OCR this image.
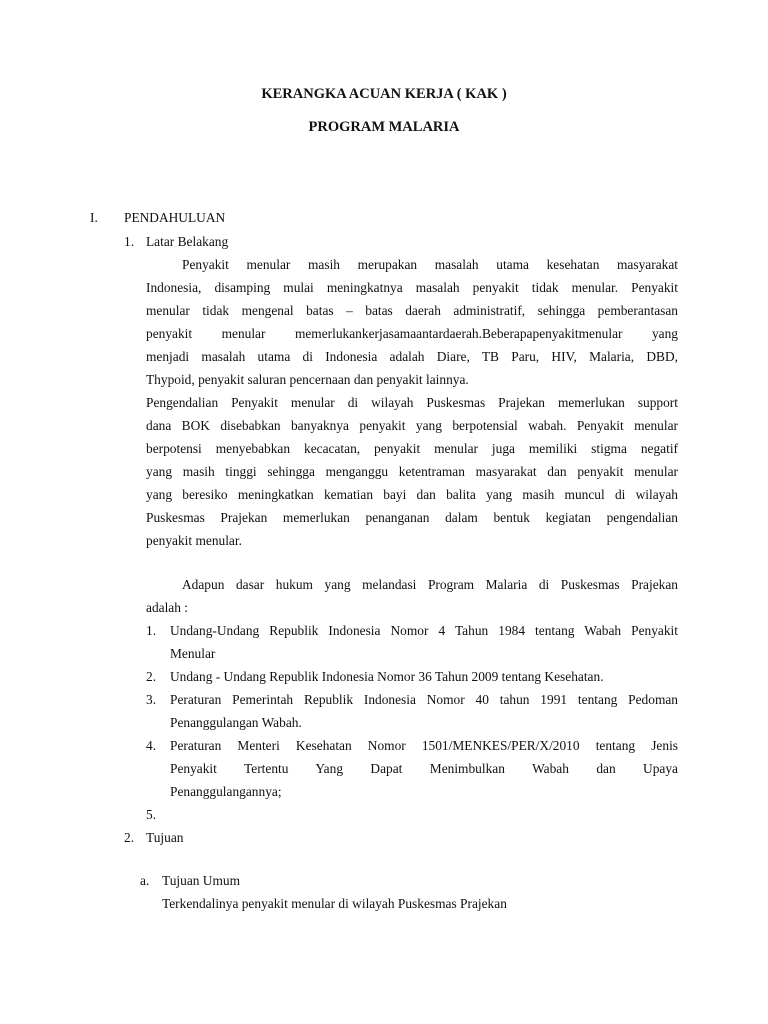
KERANGKA ACUAN KERJA ( KAK )
PROGRAM MALARIA
I. PENDAHULUAN
1. Latar Belakang
Penyakit menular masih merupakan masalah utama kesehatan masyarakat
Indonesia, disamping mulai meningkatnya masalah penyakit tidak menular. Penyakit
menular tidak mengenal batas – batas daerah administratif, sehingga pemberantasan
penyakit menular memerlukankerjasamaantardaerah.Beberapapenyakitmenular yang
menjadi masalah utama di Indonesia adalah Diare, TB Paru, HIV, Malaria, DBD,
Thypoid, penyakit saluran pencernaan dan penyakit lainnya.
Pengendalian Penyakit menular di wilayah Puskesmas Prajekan memerlukan support
dana BOK disebabkan banyaknya penyakit yang berpotensial wabah. Penyakit menular
berpotensi menyebabkan kecacatan, penyakit menular juga memiliki stigma negatif
yang masih tinggi sehingga menganggu ketentraman masyarakat dan penyakit menular
yang beresiko meningkatkan kematian bayi dan balita yang masih muncul di wilayah
Puskesmas Prajekan memerlukan penanganan dalam bentuk kegiatan pengendalian
penyakit menular.
Adapun dasar hukum yang melandasi Program Malaria di Puskesmas Prajekan
adalah :
1. Undang-Undang Republik Indonesia Nomor 4 Tahun 1984 tentang Wabah Penyakit
Menular
2. Undang - Undang Republik Indonesia Nomor 36 Tahun 2009 tentang Kesehatan.
3. Peraturan Pemerintah Republik Indonesia Nomor 40 tahun 1991 tentang Pedoman
Penanggulangan Wabah.
4. Peraturan Menteri Kesehatan Nomor 1501/MENKES/PER/X/2010 tentang Jenis
Penyakit Tertentu Yang Dapat Menimbulkan Wabah dan Upaya
Penanggulangannya;
5.
2. Tujuan
a. Tujuan Umum
Terkendalinya penyakit menular di wilayah Puskesmas Prajekan
